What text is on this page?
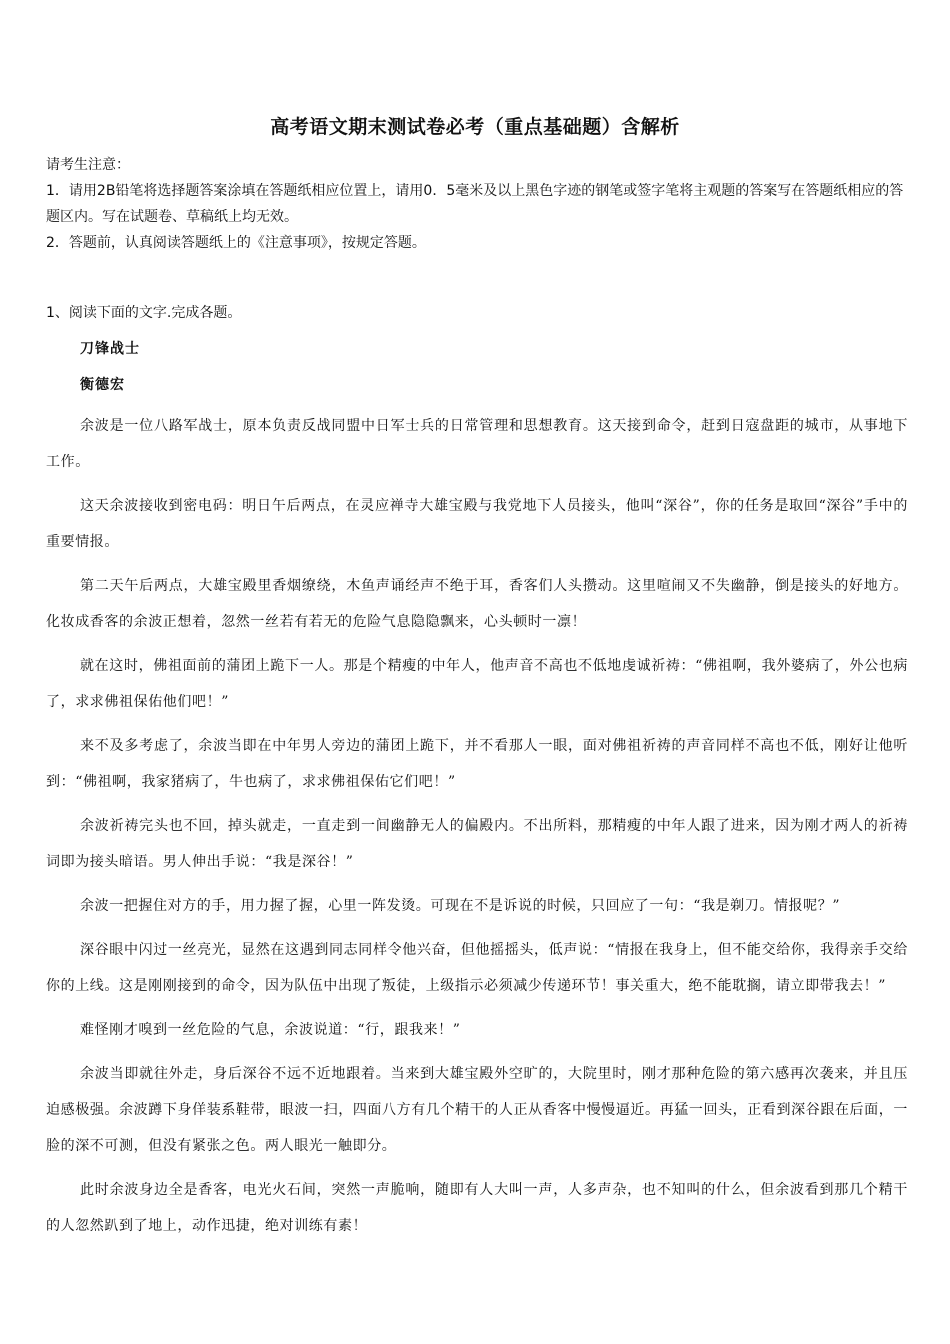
高考语文期末测试卷必考（重点基础题）含解析

请考生注意：

1．请用2B铅笔将选择题答案涂填在答题纸相应位置上，请用0．5毫米及以上黑色字迹的钢笔或签字笔将主观题的答案写在答题纸相应的答题区内。写在试题卷、草稿纸上均无效。

2．答题前，认真阅读答题纸上的《注意事项》，按规定答题。

1、阅读下面的文字.完成各题。

刀锋战士

衡德宏

余波是一位八路军战士，原本负责反战同盟中日军士兵的日常管理和思想教育。这天接到命令，赶到日寇盘距的城市，从事地下工作。

这天余波接收到密电码：明日午后两点，在灵应禅寺大雄宝殿与我党地下人员接头，他叫“深谷”，你的任务是取回“深谷”手中的重要情报。

第二天午后两点，大雄宝殿里香烟缭绕，木鱼声诵经声不绝于耳，香客们人头攒动。这里喧闹又不失幽静，倒是接头的好地方。化妆成香客的余波正想着，忽然一丝若有若无的危险气息隐隐飘来，心头顿时一凛！

就在这时，佛祖面前的蒲团上跪下一人。那是个精瘦的中年人，他声音不高也不低地虔诚祈祷：“佛祖啊，我外婆病了，外公也病了，求求佛祖保佑他们吧！”

来不及多考虑了，余波当即在中年男人旁边的蒲团上跪下，并不看那人一眼，面对佛祖祈祷的声音同样不高也不低，刚好让他听到：“佛祖啊，我家猪病了，牛也病了，求求佛祖保佑它们吧！”

余波祈祷完头也不回，掉头就走，一直走到一间幽静无人的偏殿内。不出所料，那精瘦的中年人跟了进来，因为刚才两人的祈祷词即为接头暗语。男人伸出手说：“我是深谷！”

余波一把握住对方的手，用力握了握，心里一阵发烫。可现在不是诉说的时候，只回应了一句：“我是剃刀。情报呢？”

深谷眼中闪过一丝亮光，显然在这遇到同志同样令他兴奋，但他摇摇头，低声说：“情报在我身上，但不能交给你，我得亲手交给你的上线。这是刚刚接到的命令，因为队伍中出现了叛徒，上级指示必须减少传递环节！事关重大，绝不能耽搁，请立即带我去！”

难怪刚才嗅到一丝危险的气息，余波说道：“行，跟我来！”

余波当即就往外走，身后深谷不远不近地跟着。当来到大雄宝殿外空旷的，大院里时，刚才那种危险的第六感再次袭来，并且压迫感极强。余波蹲下身佯装系鞋带，眼波一扫，四面八方有几个精干的人正从香客中慢慢逼近。再猛一回头，正看到深谷跟在后面，一脸的深不可测，但没有紧张之色。两人眼光一触即分。

此时余波身边全是香客，电光火石间，突然一声脆响，随即有人大叫一声，人多声杂，也不知叫的什么，但余波看到那几个精干的人忽然趴到了地上，动作迅捷，绝对训练有素！
